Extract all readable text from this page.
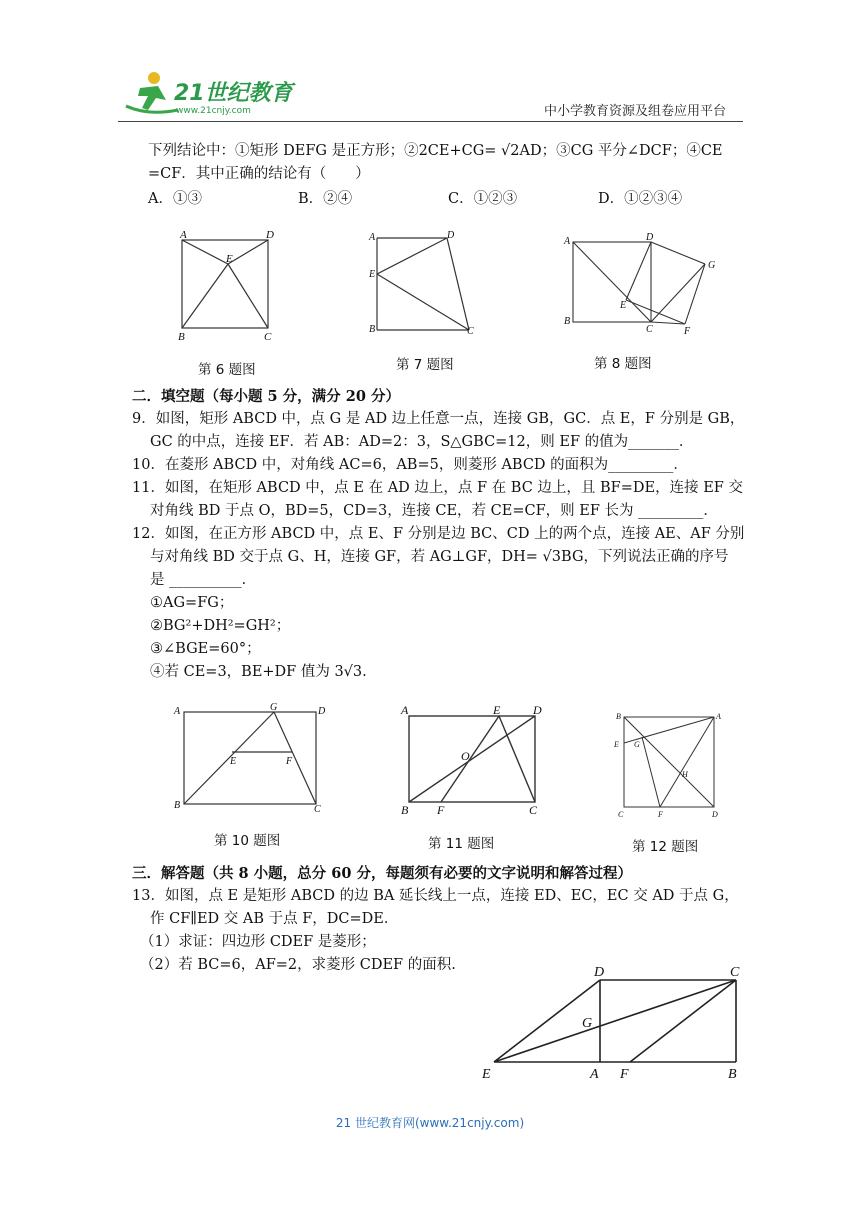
21世纪教育
www.21cnjy.com	中小学教育资源及组卷应用平台
下列结论中：①矩形 DEFG 是正方形；②2CE+CG= √2AD；③CG 平分∠DCF；④CE
=CF．其中正确的结论有（　　）
A．①③	B．②④	C．①②③	D．①②③④
A	D
E
B	C
A	D
E
B	C
A	D
G
E
B
C	F
第 6 题图	第 7 题图	第 8 题图
二．填空题（每小题 5 分，满分 20 分）
9．如图，矩形 ABCD 中，点 G 是 AD 边上任意一点，连接 GB，GC．点 E，F 分别是 GB，
GC 的中点，连接 EF．若 AB：AD=2：3，S△GBC=12，则 EF 的值为_______．
10．在菱形 ABCD 中，对角线 AC=6，AB=5，则菱形 ABCD 的面积为_________．
11．如图，在矩形 ABCD 中，点 E 在 AD 边上，点 F 在 BC 边上，且 BF=DE，连接 EF 交
对角线 BD 于点 O，BD=5，CD=3，连接 CE，若 CE=CF，则 EF 长为 _________．
12．如图，在正方形 ABCD 中，点 E、F 分别是边 BC、CD 上的两个点，连接 AE、AF 分别
与对角线 BD 交于点 G、H，连接 GF，若 AG⊥GF，DH= √3BG，下列说法正确的序号
是 __________．
①AG=FG；
②BG²+DH²=GH²；
③∠BGE=60°；
④若 CE=3，BE+DF 值为 3√3.
A	G	D
E	F
B	C
A	E	D
O
B F	C
B	A
E G
H
C	F	D
第 10 题图	第 11 题图	第 12 题图
三．解答题（共 8 小题，总分 60 分，每题须有必要的文字说明和解答过程）
13．如图，点 E 是矩形 ABCD 的边 BA 延长线上一点，连接 ED、EC，EC 交 AD 于点 G，
作 CF∥ED 交 AB 于点 F，DC=DE．
（1）求证：四边形 CDEF 是菱形；
（2）若 BC=6，AF=2，求菱形 CDEF 的面积.	D	C
G
E	A F	B
21 世纪教育网(www.21cnjy.com)
